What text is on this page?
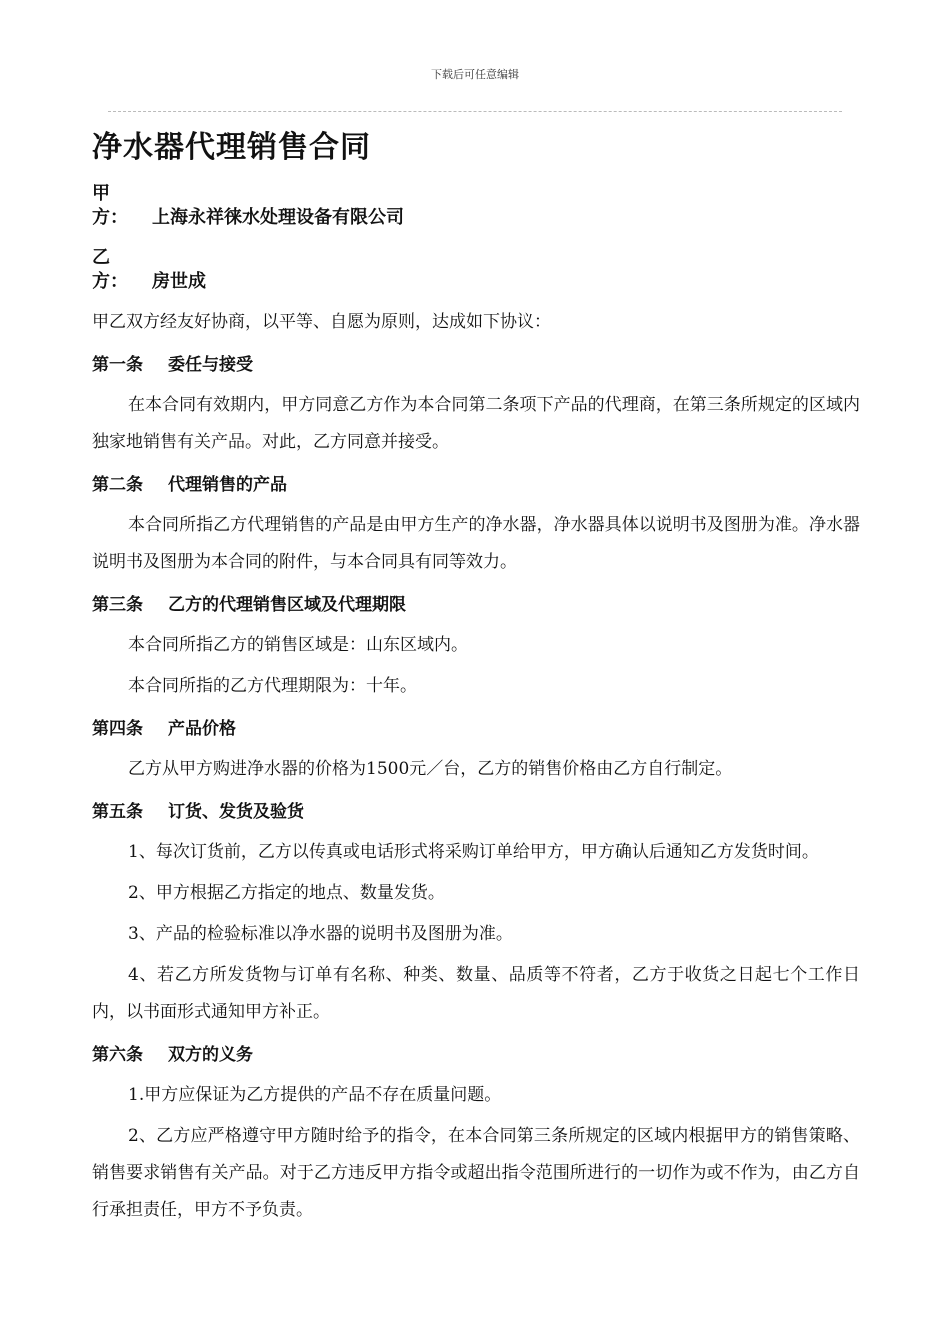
下载后可任意编辑
净水器代理销售合同
甲　方： 上海永祥徕水处理设备有限公司
乙　方： 房世成

甲乙双方经友好协商，以平等、自愿为原则，达成如下协议：

第一条 委任与接受

在本合同有效期内，甲方同意乙方作为本合同第二条项下产品的代理商，在第三条所规定的区域内独家地销售有关产品。对此，乙方同意并接受。

第二条 代理销售的产品

本合同所指乙方代理销售的产品是由甲方生产的净水器，净水器具体以说明书及图册为准。净水器说明书及图册为本合同的附件，与本合同具有同等效力。

第三条 乙方的代理销售区域及代理期限

本合同所指乙方的销售区域是：山东区域内。

本合同所指的乙方代理期限为：十年。

第四条 产品价格

乙方从甲方购进净水器的价格为1500元／台，乙方的销售价格由乙方自行制定。

第五条 订货、发货及验货

1、每次订货前，乙方以传真或电话形式将采购订单给甲方，甲方确认后通知乙方发货时间。

2、甲方根据乙方指定的地点、数量发货。

3、产品的检验标准以净水器的说明书及图册为准。

4、若乙方所发货物与订单有名称、种类、数量、品质等不符者，乙方于收货之日起七个工作日内，以书面形式通知甲方补正。

第六条 双方的义务

1.甲方应保证为乙方提供的产品不存在质量问题。

2、乙方应严格遵守甲方随时给予的指令，在本合同第三条所规定的区域内根据甲方的销售策略、销售要求销售有关产品。对于乙方违反甲方指令或超出指令范围所进行的一切作为或不作为，由乙方自行承担责任，甲方不予负责。
